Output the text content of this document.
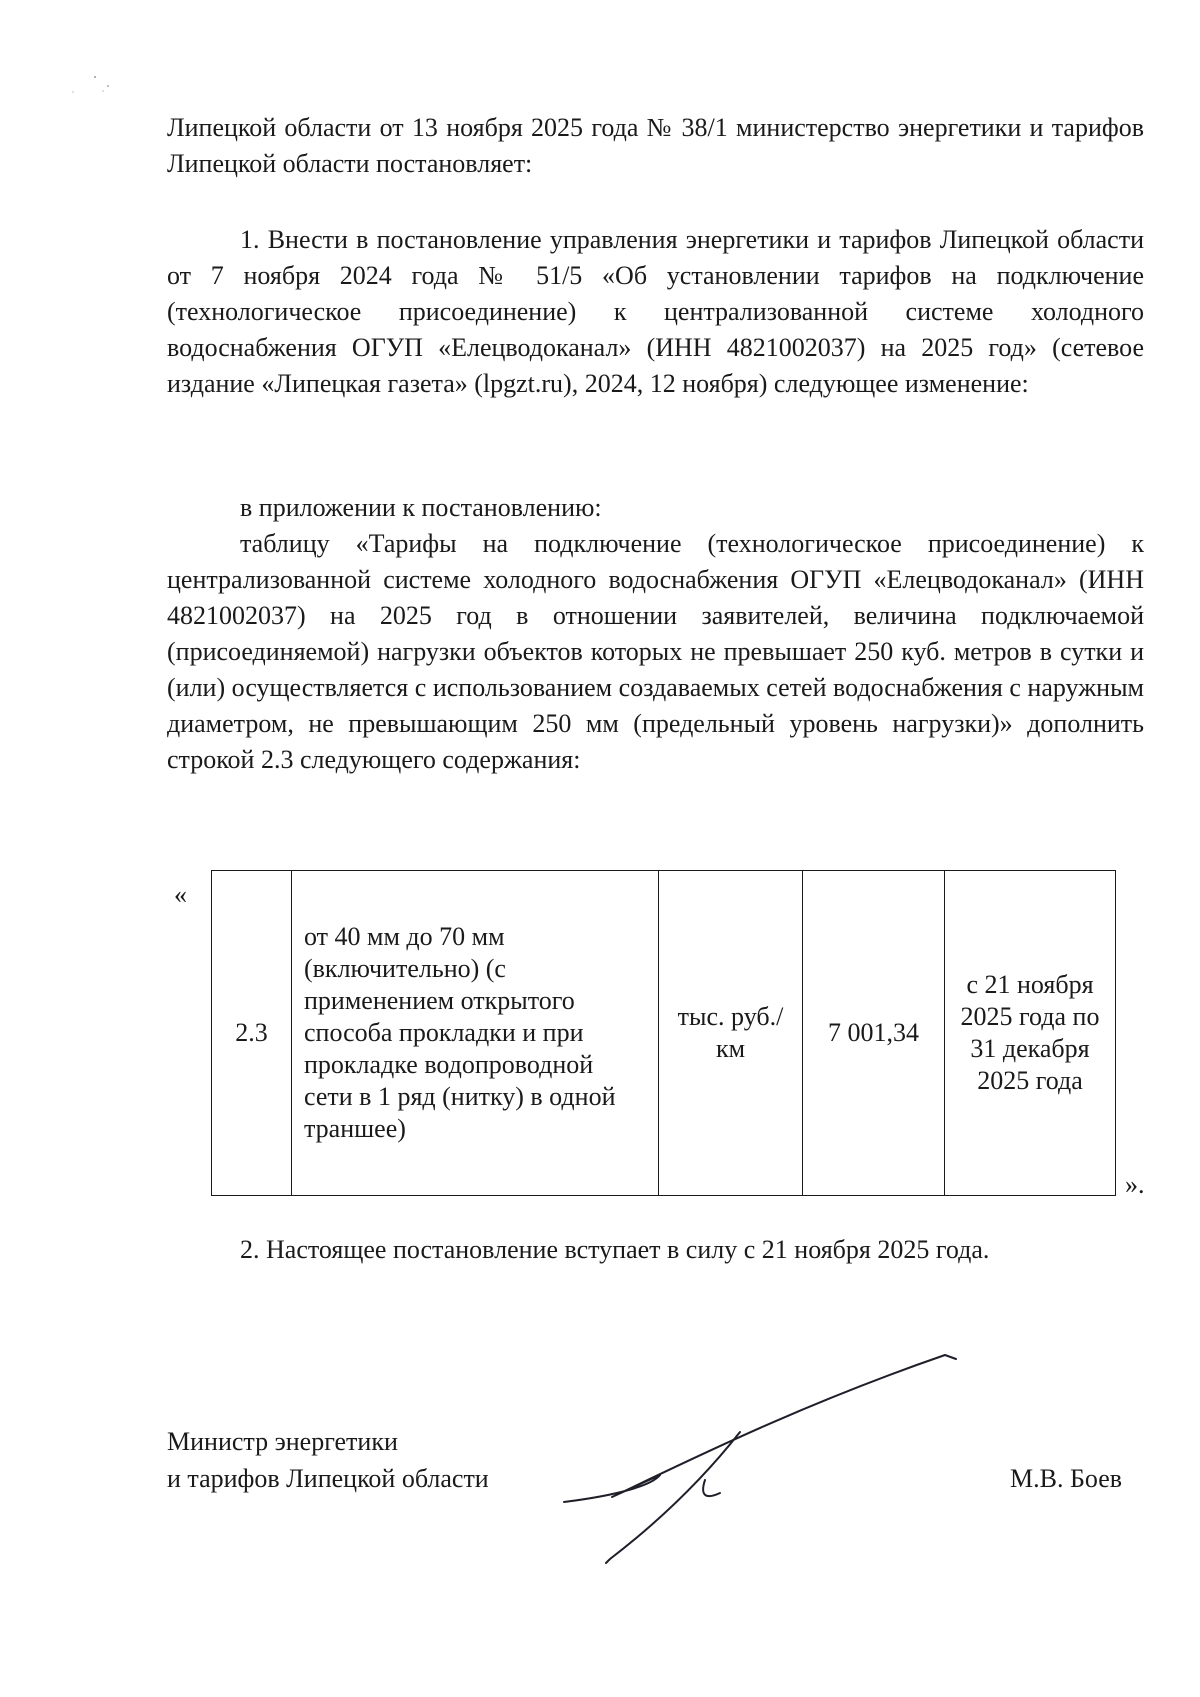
Липецкой области от 13 ноября 2025 года № 38/1 министерство энергетики и тарифов Липецкой области постановляет:

1. Внести в постановление управления энергетики и тарифов Липецкой области от 7 ноября 2024 года № 51/5 «Об установлении тарифов на подключение (технологическое присоединение) к централизованной системе холодного водоснабжения ОГУП «Елецводоканал» (ИНН 4821002037) на 2025 год» (сетевое издание «Липецкая газета» (lpgzt.ru), 2024, 12 ноября) следующее изменение:

в приложении к постановлению:

таблицу «Тарифы на подключение (технологическое присоединение) к централизованной системе холодного водоснабжения ОГУП «Елецводоканал» (ИНН 4821002037) на 2025 год в отношении заявителей, величина подключаемой (присоединяемой) нагрузки объектов которых не превышает 250 куб. метров в сутки и (или) осуществляется с использованием создаваемых сетей водоснабжения с наружным диаметром, не превышающим 250 мм (предельный уровень нагрузки)» дополнить строкой 2.3 следующего содержания:

«
2.3	от 40 мм до 70 мм (включительно) (с применением открытого способа прокладки и при прокладке водопроводной сети в 1 ряд (нитку) в одной траншее)	тыс. руб./км	7 001,34	с 21 ноября 2025 года по 31 декабря 2025 года
».

2. Настоящее постановление вступает в силу с 21 ноября 2025 года.

Министр энергетики
и тарифов Липецкой области	М.В. Боев
